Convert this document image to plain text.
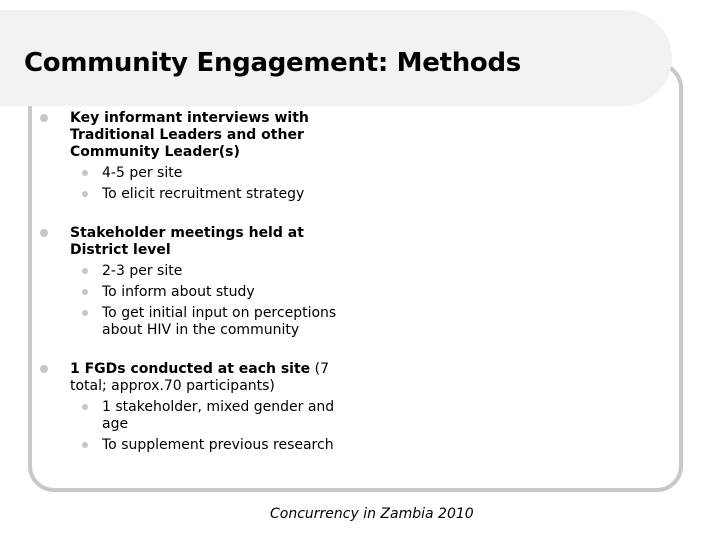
Community Engagement: Methods
Key informant interviews with Traditional Leaders and other Community Leader(s)
4-5 per site
To elicit recruitment strategy
Stakeholder meetings held at District level
2-3 per site
To inform about study
To get initial input on perceptions about HIV in the community
1 FGDs conducted at each site (7 total; approx.70 participants)
1 stakeholder, mixed gender and age
To supplement previous research

Concurrency in Zambia 2010
